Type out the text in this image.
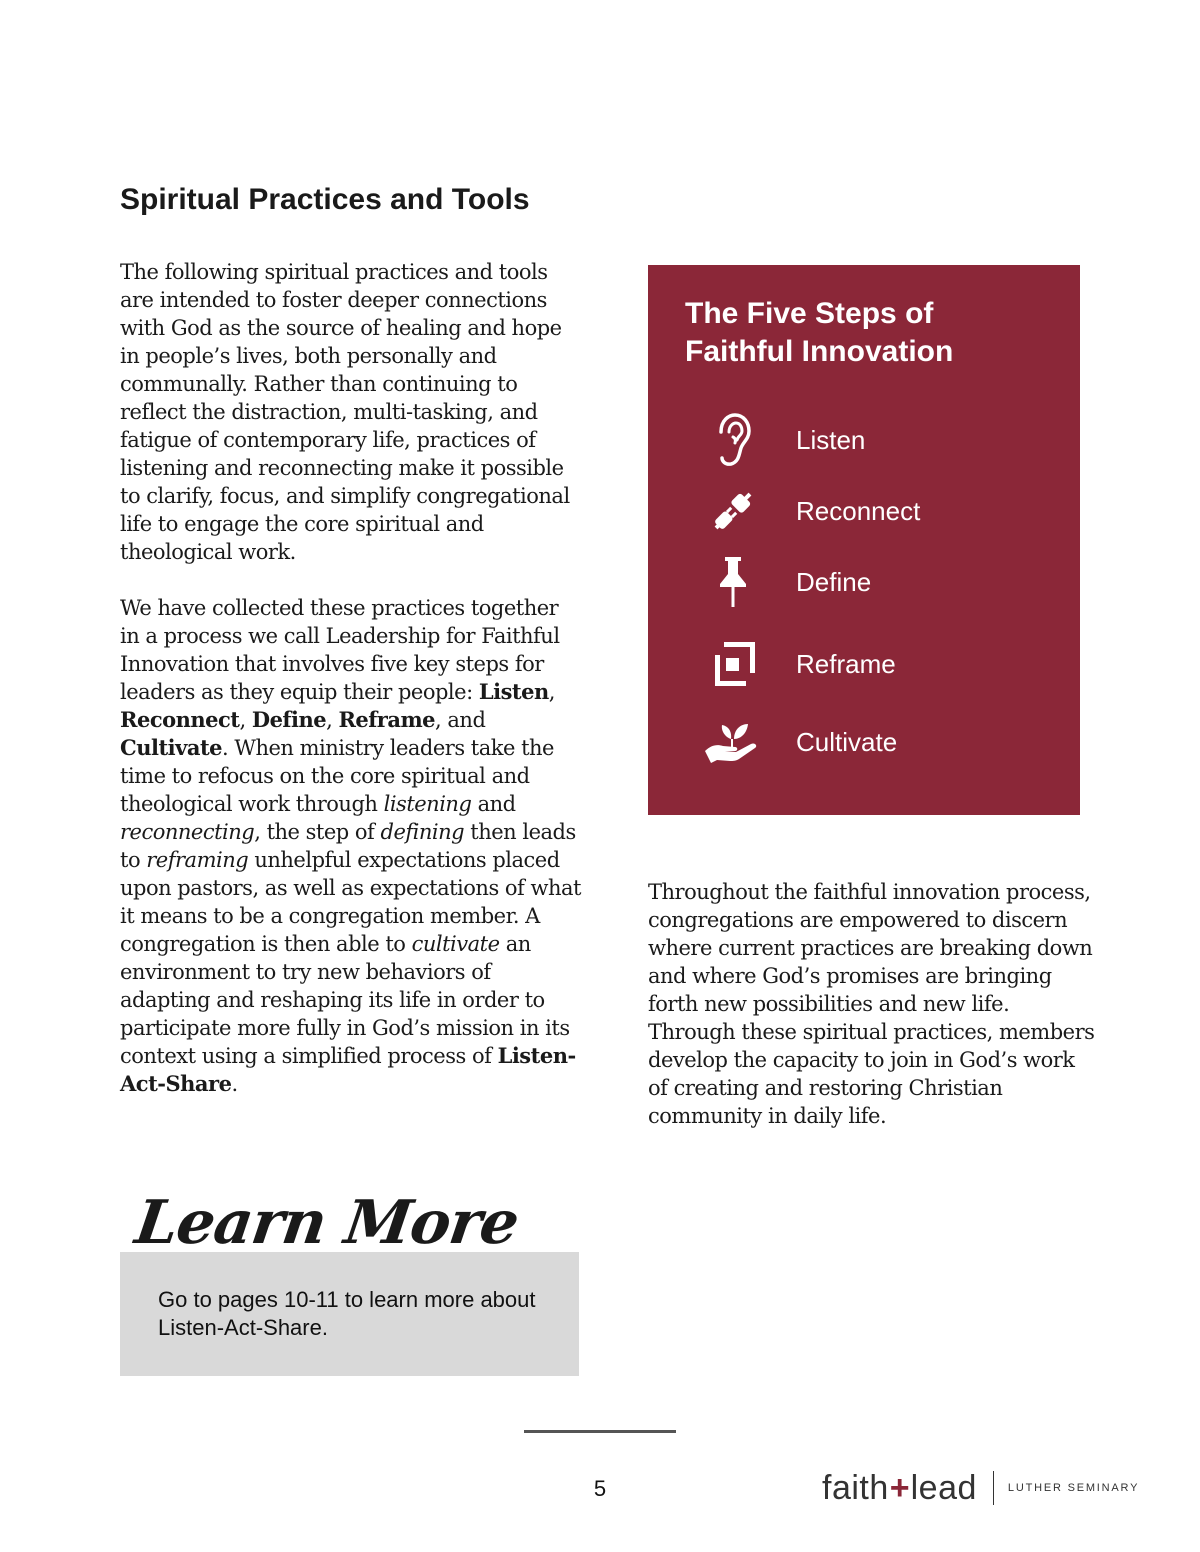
Spiritual Practices and Tools

The following spiritual practices and tools are intended to foster deeper connections with God as the source of healing and hope in people’s lives, both personally and communally. Rather than continuing to reflect the distraction, multi-tasking, and fatigue of contemporary life, practices of listening and reconnecting make it possible to clarify, focus, and simplify congregational life to engage the core spiritual and theological work.

We have collected these practices together in a process we call Leadership for Faithful Innovation that involves five key steps for leaders as they equip their people: Listen, Reconnect, Define, Reframe, and Cultivate. When ministry leaders take the time to refocus on the core spiritual and theological work through listening and reconnecting, the step of defining then leads to reframing unhelpful expectations placed upon pastors, as well as expectations of what it means to be a congregation member. A congregation is then able to cultivate an environment to try new behaviors of adapting and reshaping its life in order to participate more fully in God’s mission in its context using a simplified process of Listen-Act-Share.

The Five Steps of Faithful Innovation
Listen
Reconnect
Define
Reframe
Cultivate

Throughout the faithful innovation process, congregations are empowered to discern where current practices are breaking down and where God’s promises are bringing forth new possibilities and new life. Through these spiritual practices, members develop the capacity to join in God’s work of creating and restoring Christian community in daily life.

Learn More
Go to pages 10-11 to learn more about Listen-Act-Share.
5	faith + lead	LUTHER SEMINARY
